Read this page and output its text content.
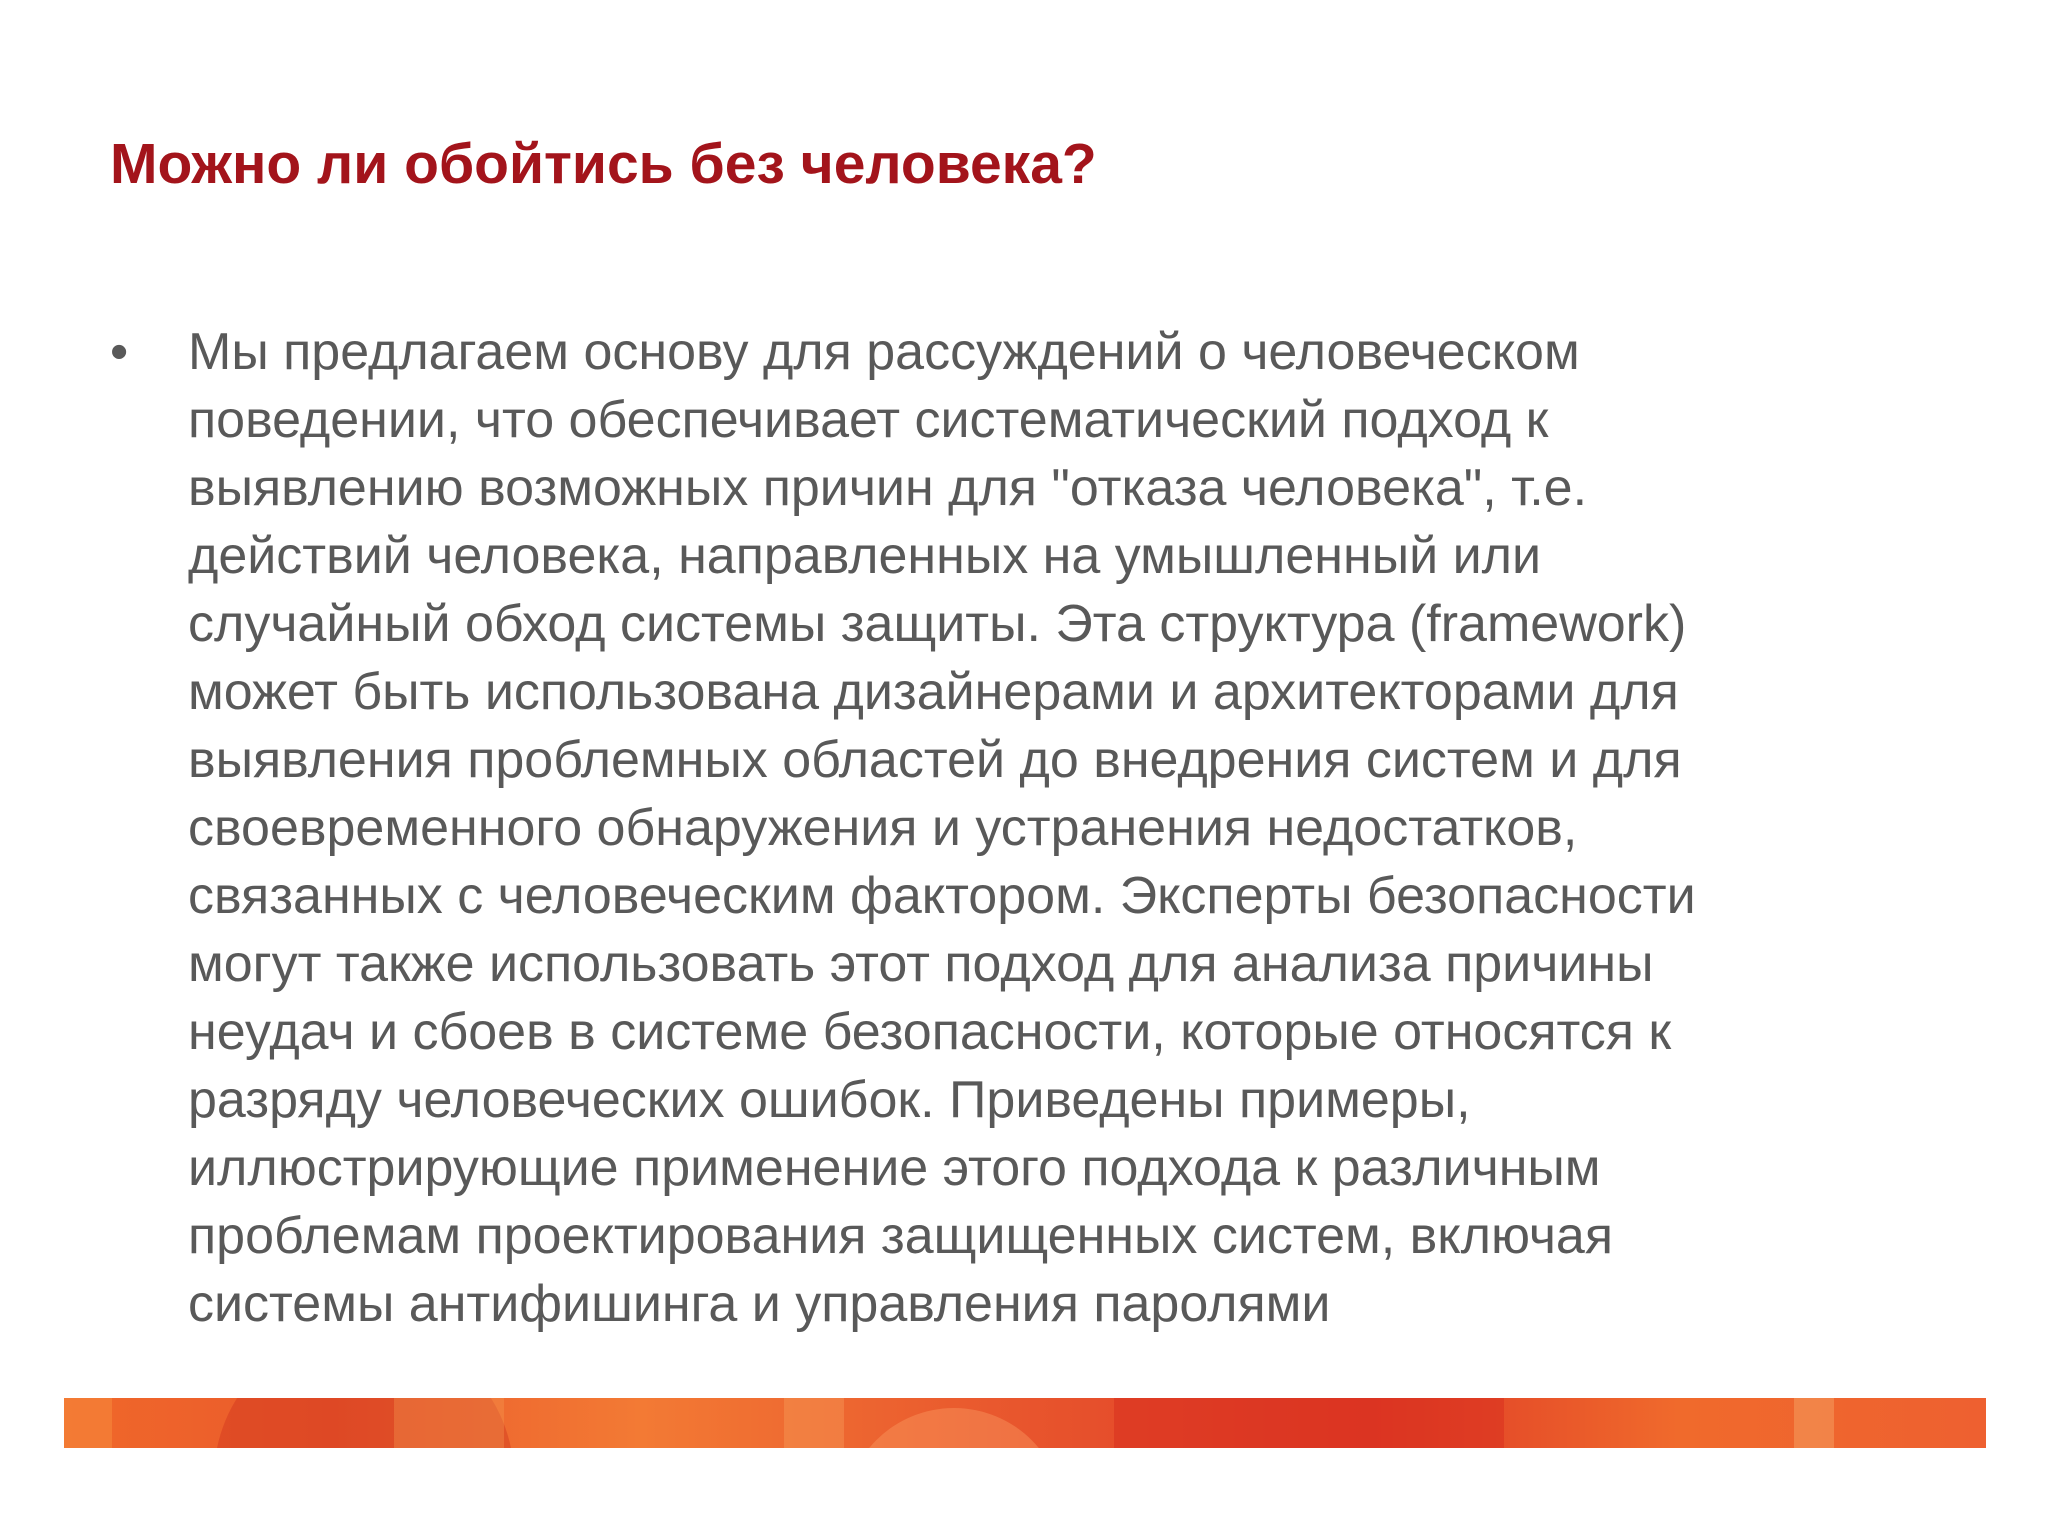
Можно ли обойтись без человека?
• Мы предлагаем основу для рассуждений о человеческом
поведении, что обеспечивает систематический подход к
выявлению возможных причин для "отказа человека", т.е.
действий человека, направленных на умышленный или
случайный обход системы защиты. Эта структура (framework)
может быть использована дизайнерами и архитекторами для
выявления проблемных областей до внедрения систем и для
своевременного обнаружения и устранения недостатков,
связанных с человеческим фактором. Эксперты безопасности
могут также использовать этот подход для анализа причины
неудач и сбоев в системе безопасности, которые относятся к
разряду человеческих ошибок. Приведены примеры,
иллюстрирующие применение этого подхода к различным
проблемам проектирования защищенных систем, включая
системы антифишинга и управления паролями
